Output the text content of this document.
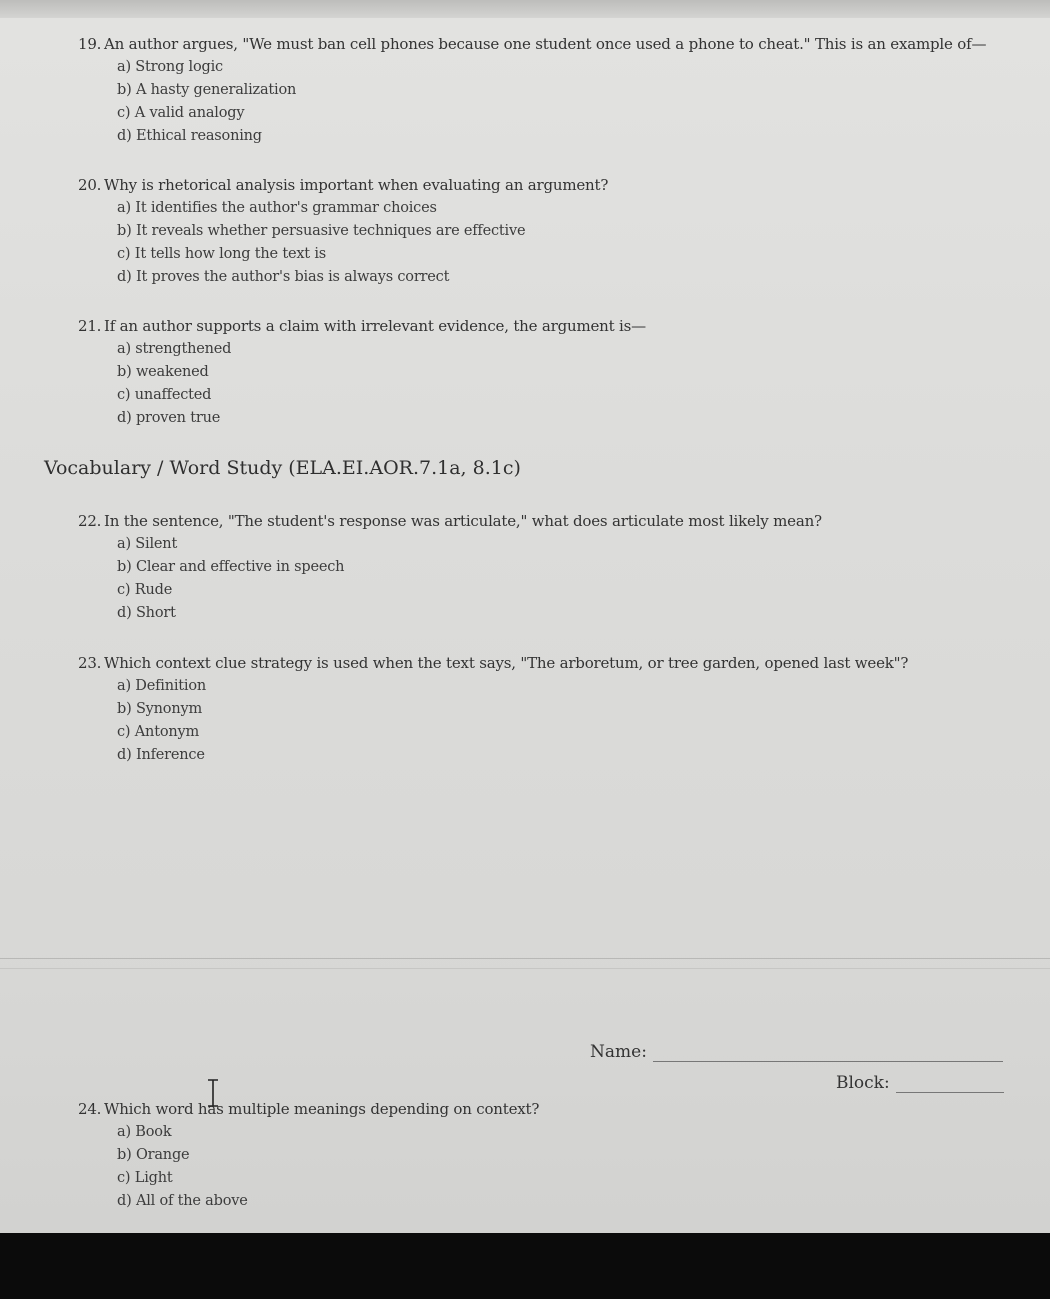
19. An author argues, "We must ban cell phones because one student once used a phone to cheat." This is an example of—
a) Strong logic
b) A hasty generalization
c) A valid analogy
d) Ethical reasoning
20. Why is rhetorical analysis important when evaluating an argument?
a) It identifies the author's grammar choices
b) It reveals whether persuasive techniques are effective
c) It tells how long the text is
d) It proves the author's bias is always correct
21. If an author supports a claim with irrelevant evidence, the argument is—
a) strengthened
b) weakened
c) unaffected
d) proven true
Vocabulary / Word Study (ELA.EI.AOR.7.1a, 8.1c)
22. In the sentence, "The student's response was articulate," what does articulate most likely mean?
a) Silent
b) Clear and effective in speech
c) Rude
d) Short
23. Which context clue strategy is used when the text says, "The arboretum, or tree garden, opened last week"?
a) Definition
b) Synonym
c) Antonym
d) Inference
Name:
Block:
24. Which word has multiple meanings depending on context?
a) Book
b) Orange
c) Light
d) All of the above
